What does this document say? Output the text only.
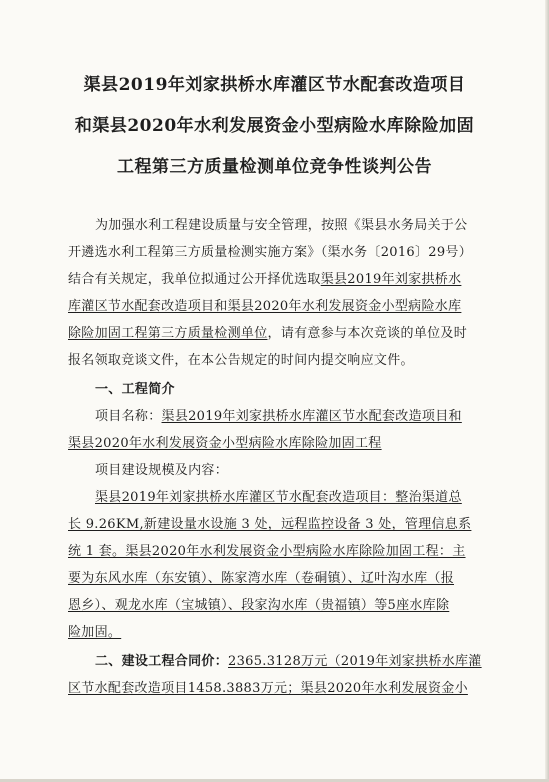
渠县2019年刘家拱桥水库灌区节水配套改造项目
和渠县2020年水利发展资金小型病险水库除险加固
工程第三方质量检测单位竞争性谈判公告
为加强水利工程建设质量与安全管理，按照《渠县水务局关于公
开遴选水利工程第三方质量检测实施方案》（渠水务〔2016〕29号）
结合有关规定，我单位拟通过公开择优选取渠县2019年刘家拱桥水
库灌区节水配套改造项目和渠县2020年水利发展资金小型病险水库
除险加固工程第三方质量检测单位，请有意参与本次竞谈的单位及时
报名领取竞谈文件，在本公告规定的时间内提交响应文件。
一、工程简介
项目名称：渠县2019年刘家拱桥水库灌区节水配套改造项目和
渠县2020年水利发展资金小型病险水库除险加固工程
项目建设规模及内容：
渠县2019年刘家拱桥水库灌区节水配套改造项目：整治渠道总
长 9.26KM,新建设量水设施 3 处，远程监控设备 3 处，管理信息系
统 1 套。渠县2020年水利发展资金小型病险水库除险加固工程：主
要为东风水库（东安镇）、陈家湾水库（卷硐镇）、辽叶沟水库（报
恩乡）、观龙水库（宝城镇）、段家沟水库（贵福镇）等5座水库除
险加固。
二、建设工程合同价：2365.3128万元（2019年刘家拱桥水库灌
区节水配套改造项目1458.3883万元；渠县2020年水利发展资金小
